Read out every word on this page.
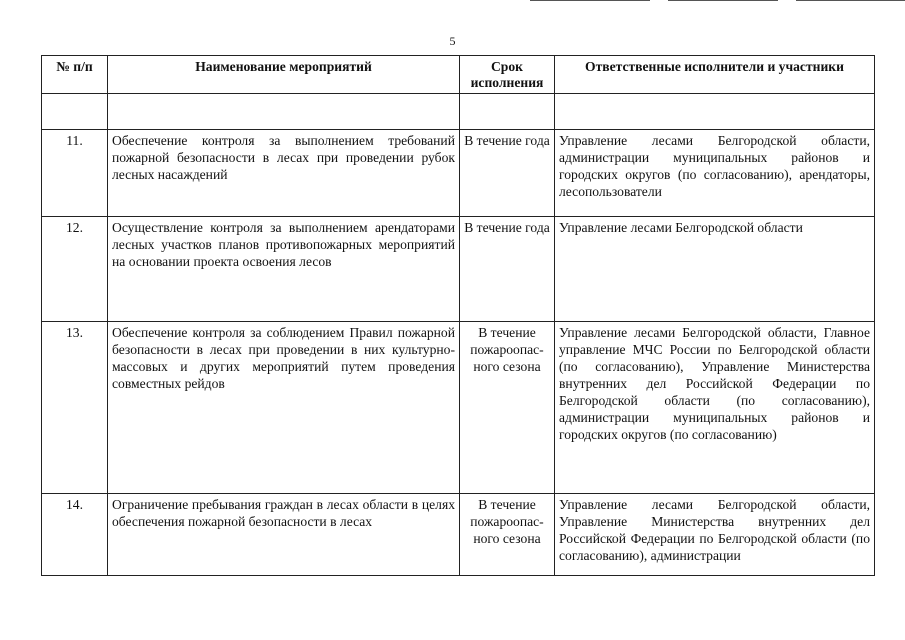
5
№ п/п	Наименование мероприятий	Срок исполнения	Ответственные исполнители и участники

11.	Обеспечение контроля за выполнением требований пожарной безопасности в лесах при проведении рубок лесных насаждений	В течение года	Управление лесами Белгородской области, администрации муниципальных районов и городских округов (по согласованию), арендаторы, лесопользователи
12.	Осуществление контроля за выполнением арендаторами лесных участков планов противопожарных мероприятий на основании проекта освоения лесов	В течение года	Управление лесами Белгородской области
13.	Обеспечение контроля за соблюдением Правил пожарной безопасности в лесах при проведении в них культурно-массовых и других мероприятий путем проведения совместных рейдов	В течение пожароопас-ного сезона	Управление лесами Белгородской области, Главное управление МЧС России по Белгородской области (по согласованию), Управление Министерства внутренних дел Российской Федерации по Белгородской области (по согласованию), администрации муниципальных районов и городских округов (по согласованию)
14.	Ограничение пребывания граждан в лесах области в целях обеспечения пожарной безопасности в лесах	В течение пожароопас-ного сезона	Управление лесами Белгородской области, Управление Министерства внутренних дел Российской Федерации по Белгородской области (по согласованию), администрации
